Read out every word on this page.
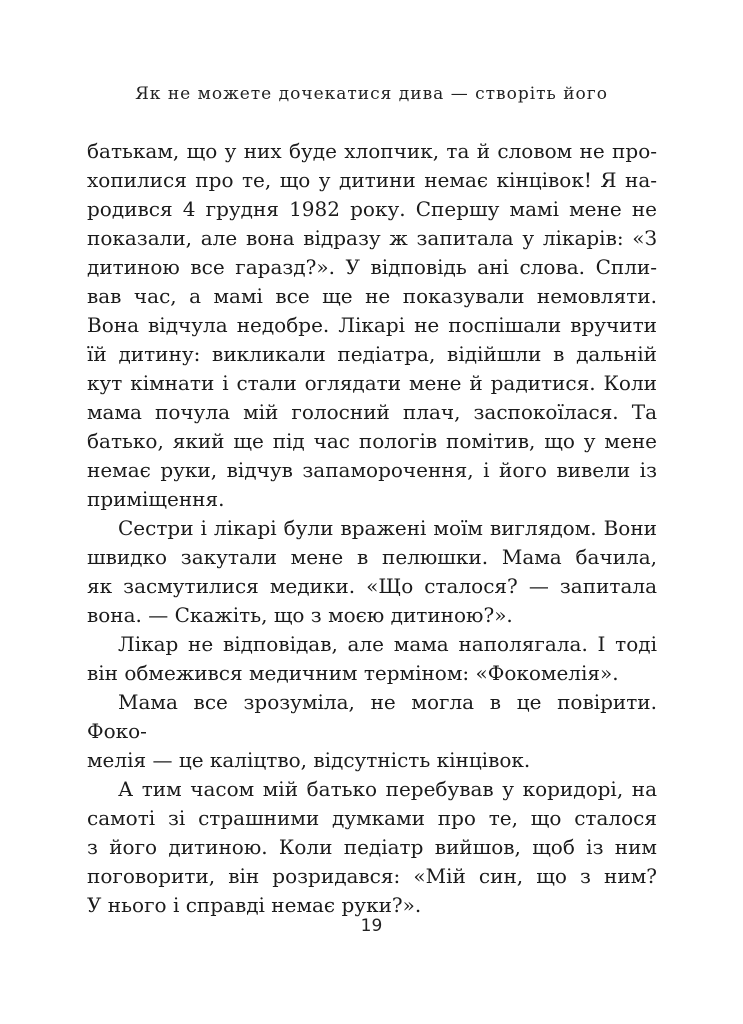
Як не можете дочекатися дива — створіть його
батькам, що у них буде хлопчик, та й словом не про-
хопилися про те, що у дитини немає кінцівок! Я на-
родився 4 грудня 1982 року. Спершу мамі мене не
показали, але вона відразу ж запитала у лікарів: «З
дитиною все гаразд?». У відповідь ані слова. Спли-
вав час, а мамі все ще не показували немовляти.
Вона відчула недобре. Лікарі не поспішали вручити
їй дитину: викликали педіатра, відійшли в дальній
кут кімнати і стали оглядати мене й радитися. Коли
мама почула мій голосний плач, заспокоїлася. Та
батько, який ще під час пологів помітив, що у мене
немає руки, відчув запаморочення, і його вивели із
приміщення.
Сестри і лікарі були вражені моїм виглядом. Вони
швидко закутали мене в пелюшки. Мама бачила,
як засмутилися медики. «Що сталося? — запитала
вона. — Скажіть, що з моєю дитиною?».
Лікар не відповідав, але мама наполягала. І тоді
він обмежився медичним терміном: «Фокомелія».
Мама все зрозуміла, не могла в це повірити. Фоко-
мелія — це каліцтво, відсутність кінцівок.
А тим часом мій батько перебував у коридорі, на
самоті зі страшними думками про те, що сталося
з його дитиною. Коли педіатр вийшов, щоб із ним
поговорити, він розридався: «Мій син, що з ним?
У нього і справді немає руки?».
19
